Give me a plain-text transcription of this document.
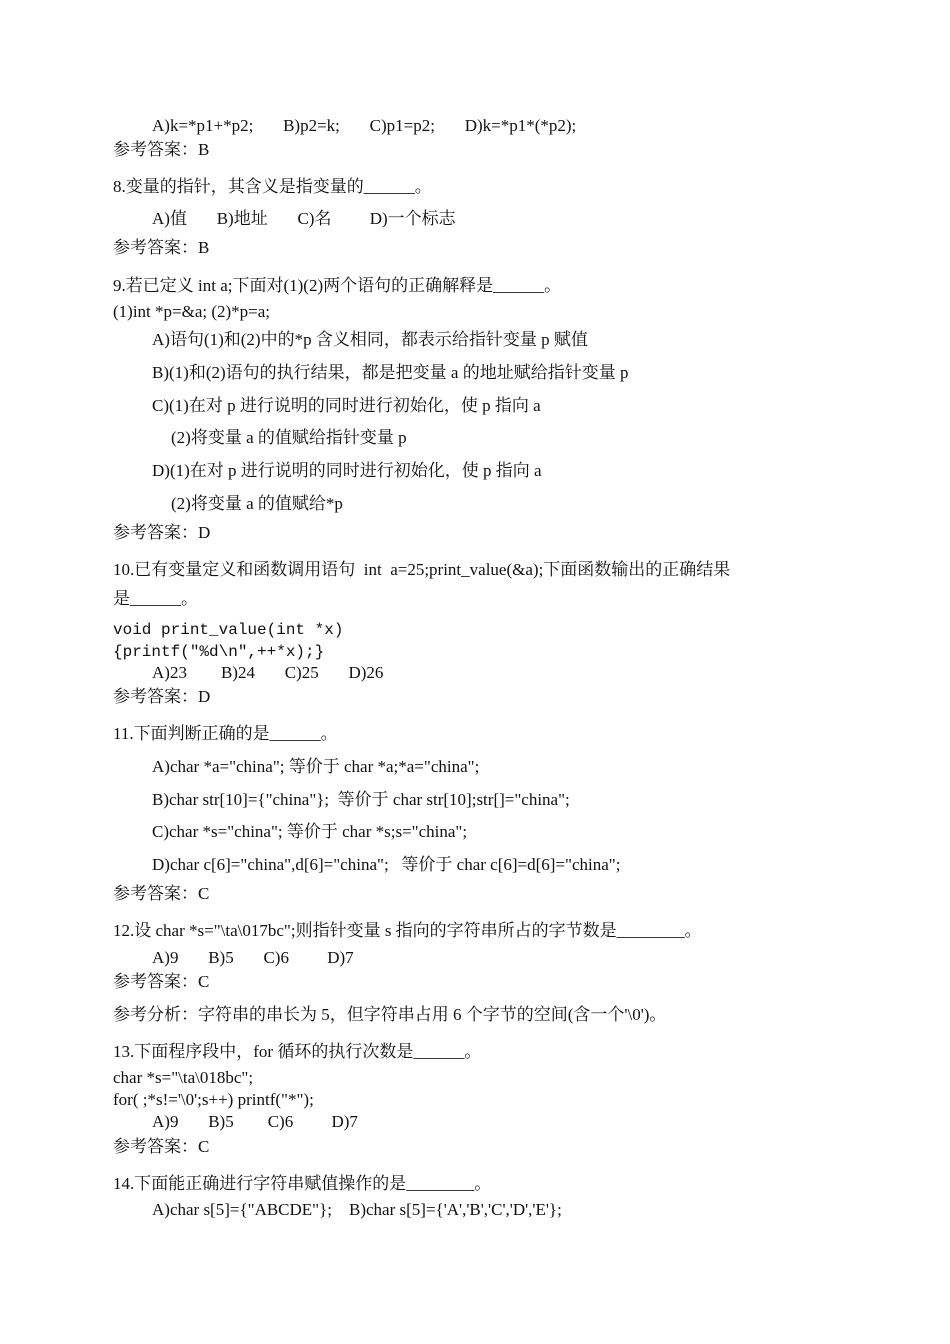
A)k=*p1+*p2;       B)p2=k;       C)p1=p2;       D)k=*p1*(*p2);
参考答案：B
8.变量的指针，其含义是指变量的______。
A)值       B)地址       C)名         D)一个标志
参考答案：B
9.若已定义 int a;下面对(1)(2)两个语句的正确解释是______。
(1)int *p=&a; (2)*p=a;
A)语句(1)和(2)中的*p 含义相同，都表示给指针变量 p 赋值
B)(1)和(2)语句的执行结果，都是把变量 a 的地址赋给指针变量 p
C)(1)在对 p 进行说明的同时进行初始化，使 p 指向 a
(2)将变量 a 的值赋给指针变量 p
D)(1)在对 p 进行说明的同时进行初始化，使 p 指向 a
(2)将变量 a 的值赋给*p
参考答案：D
10.已有变量定义和函数调用语句  int  a=25;print_value(&a);下面函数输出的正确结果
是______。
void print_value(int *x)
{printf("%d\n",++*x);}
A)23        B)24       C)25       D)26
参考答案：D
11.下面判断正确的是______。
A)char *a="china"; 等价于 char *a;*a="china";
B)char str[10]={"china"};  等价于 char str[10];str[]="china";
C)char *s="china"; 等价于 char *s;s="china";
D)char c[6]="china",d[6]="china";   等价于 char c[6]=d[6]="china";
参考答案：C
12.设 char *s="\ta\017bc";则指针变量 s 指向的字符串所占的字节数是________。
A)9       B)5       C)6         D)7
参考答案：C
参考分析：字符串的串长为 5，但字符串占用 6 个字节的空间(含一个'\0')。
13.下面程序段中，for 循环的执行次数是______。
char *s="\ta\018bc";
for( ;*s!='\0';s++) printf("*");
A)9       B)5        C)6         D)7
参考答案：C
14.下面能正确进行字符串赋值操作的是________。
A)char s[5]={"ABCDE"};    B)char s[5]={'A','B','C','D','E'};
